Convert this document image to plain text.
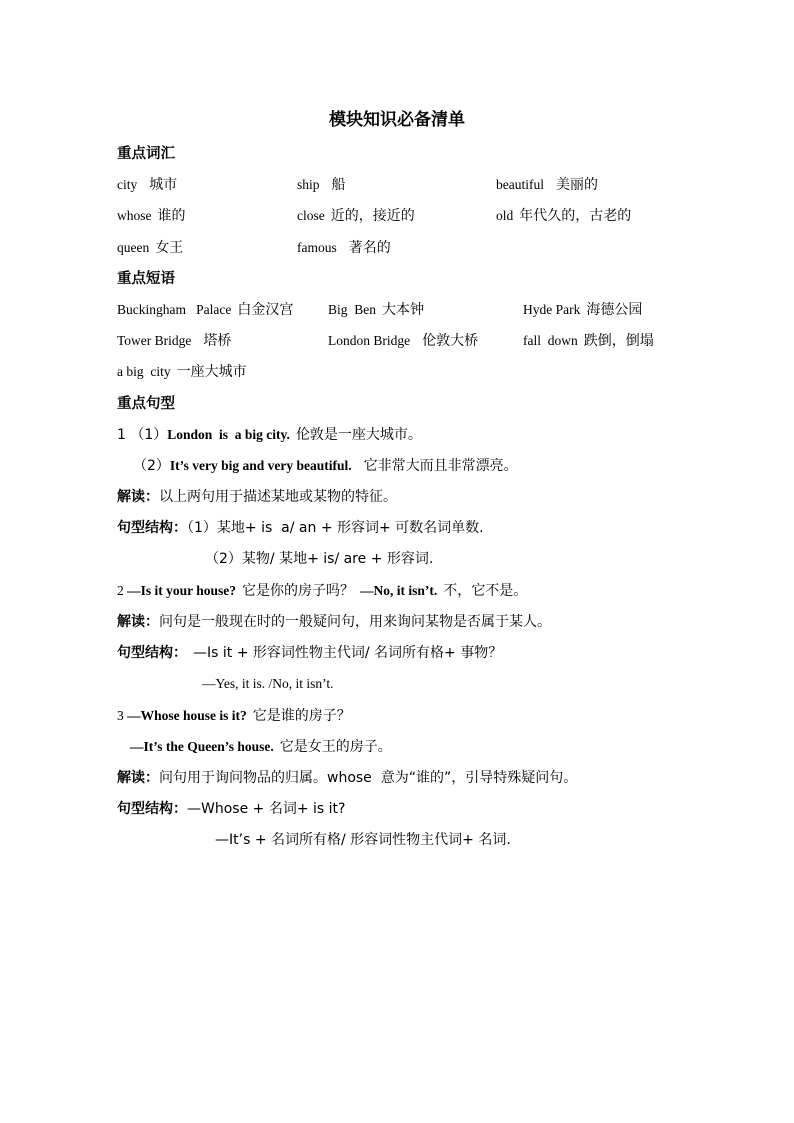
模块知识必备清单
重点词汇
city 城市	ship 船	beautiful 美丽的
whose 谁的	close 近的，接近的	old 年代久的，古老的
queen 女王	famous 著名的
重点短语
Buckingham   Palace 白金汉宫	Big  Ben 大本钟	Hyde Park 海德公园
Tower Bridge 塔桥	London Bridge 伦敦大桥	fall  down 跌倒，倒塌
a big  city 一座大城市
重点句型
1 （1）London  is  a big city. 伦敦是一座大城市。
（2）It’s very big and very beautiful. 它非常大而且非常漂亮。
解读：以上两句用于描述某地或某物的特征。
句型结构：（1）某地+ is  a/ an + 形容词+ 可数名词单数.
（2）某物/ 某地+ is/ are + 形容词.
2 —Is it your house? 它是你的房子吗？ —No, it isn’t. 不，它不是。
解读：问句是一般现在时的一般疑问句，用来询问某物是否属于某人。
句型结构： —Is it + 形容词性物主代词/ 名词所有格+ 事物？
—Yes, it is. /No, it isn’t.
3 —Whose house is it? 它是谁的房子？
—It’s the Queen’s house. 它是女王的房子。
解读：问句用于询问物品的归属。whose  意为“谁的”，引导特殊疑问句。
句型结构：—Whose + 名词+ is it?
—It’s + 名词所有格/ 形容词性物主代词+ 名词.
